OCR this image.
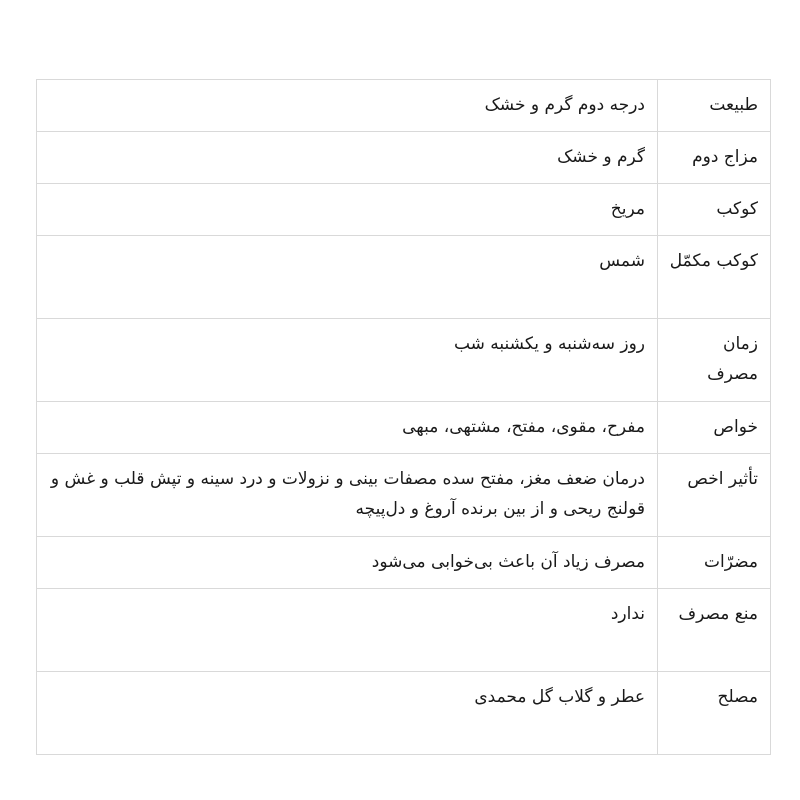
طبیعت	درجه دوم گرم و خشک
مزاج دوم	گرم و خشک
کوکب	مریخ
کوکب مکمّل	شمس
زمان مصرف	روز سه‌شنبه و یکشنبه شب
خواص	مفرح، مقوی، مفتح، مشتهی، مبهی
تأثیر اخص	درمان ضعف مغز، مفتح سده مصفات بینی و نزولات و درد سینه و تپش قلب و غش و قولنج ریحی و از بین برنده آروغ و دل‌پیچه
مضرّات	مصرف زیاد آن باعث بی‌خوابی می‌شود
منع مصرف	ندارد
مصلح	عطر و گلاب گل محمدی
